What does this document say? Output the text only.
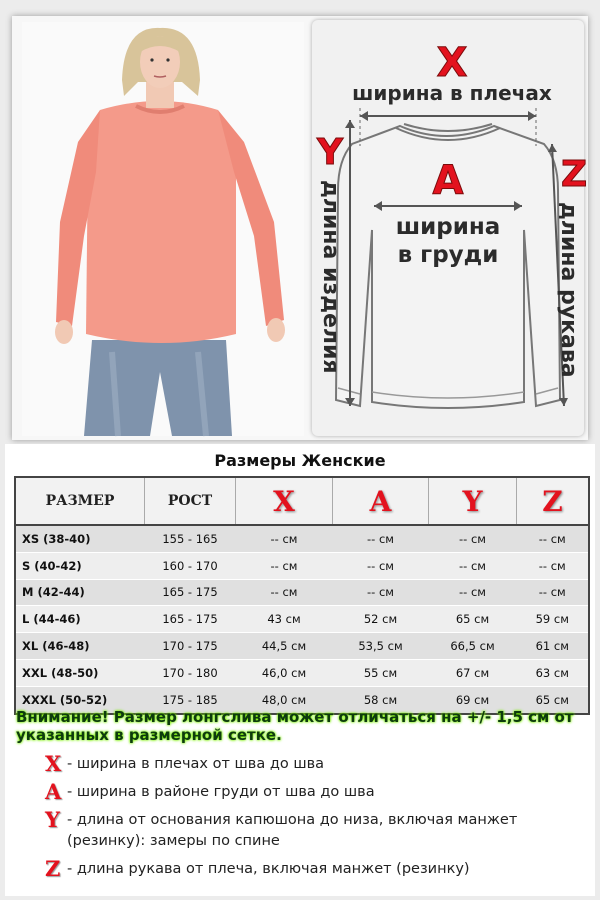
X
ширина в плечах
A
ширина
в груди
Y
длина изделия
Z
длина рукава
Размеры Женские
РАЗМЕР	РОСТ	X	A	Y	Z
XS (38-40)	155 - 165	-- см	-- см	-- см	-- см
S (40-42)	160 - 170	-- см	-- см	-- см	-- см
M (42-44)	165 - 175	-- см	-- см	-- см	-- см
L (44-46)	165 - 175	43 см	52 см	65 см	59 см
XL (46-48)	170 - 175	44,5 см	53,5 см	66,5 см	61 см
XXL (48-50)	170 - 180	46,0 см	55 см	67 см	63 см
XXXL (50-52)	175 - 185	48,0 см	58 см	69 см	65 см
Внимание! Размер лонгслива может отличаться на +/- 1,5 см от указанных в размерной сетке.
X - ширина в плечах от шва до шва
A - ширина в районе груди от шва до шва
Y - длина от основания капюшона до низа, включая манжет (резинку): замеры по спине
Z - длина рукава от плеча, включая манжет (резинку)
